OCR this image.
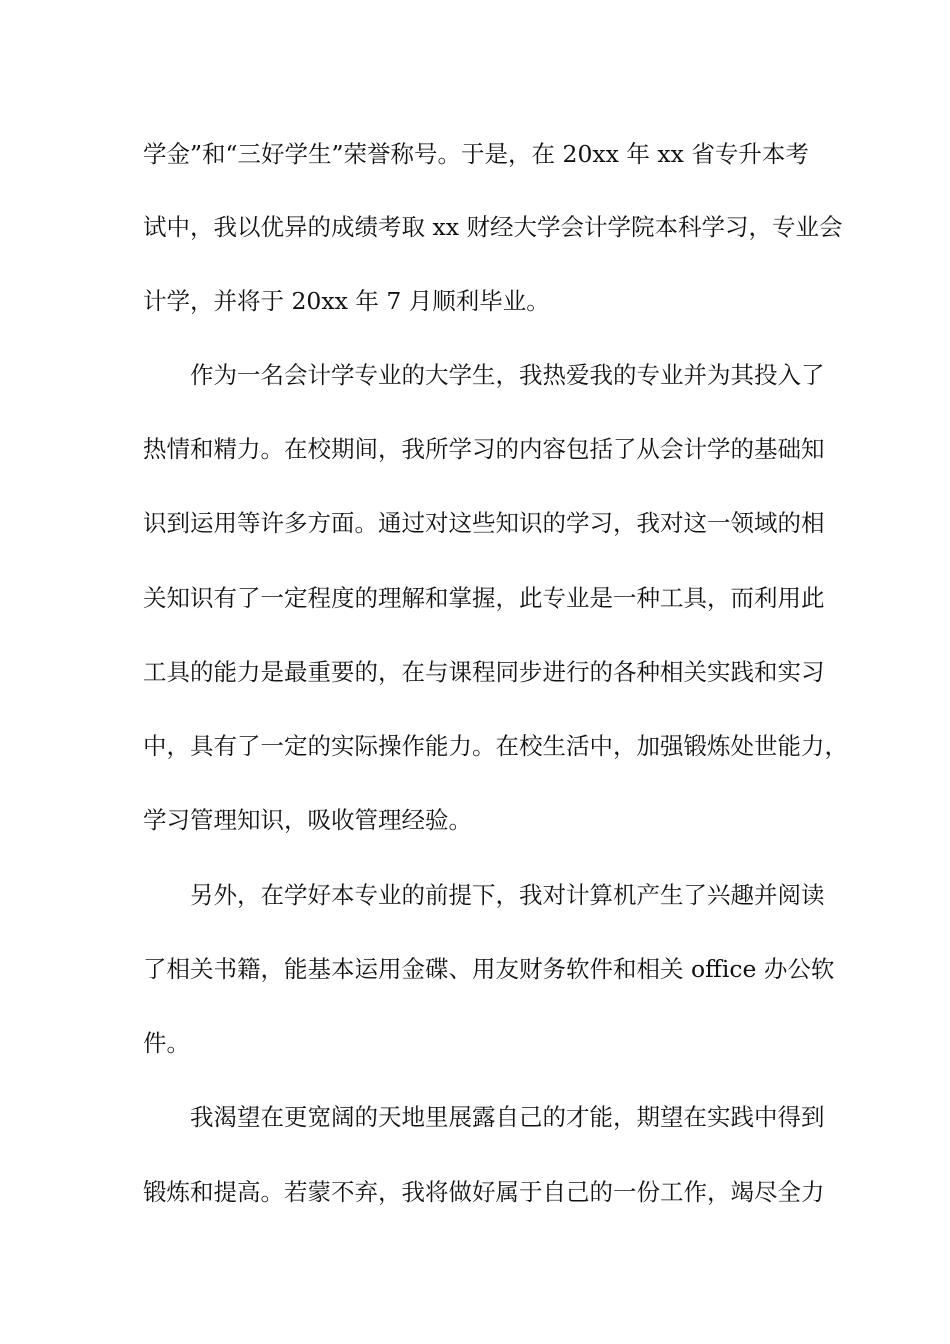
学金”和“三好学生”荣誉称号。于是，在 20xx 年 xx 省专升本考
试中，我以优异的成绩考取 xx 财经大学会计学院本科学习，专业会
计学，并将于 20xx 年 7 月顺利毕业。
作为一名会计学专业的大学生，我热爱我的专业并为其投入了
热情和精力。在校期间，我所学习的内容包括了从会计学的基础知
识到运用等许多方面。通过对这些知识的学习，我对这一领域的相
关知识有了一定程度的理解和掌握，此专业是一种工具，而利用此
工具的能力是最重要的，在与课程同步进行的各种相关实践和实习
中，具有了一定的实际操作能力。在校生活中，加强锻炼处世能力，
学习管理知识，吸收管理经验。
另外，在学好本专业的前提下，我对计算机产生了兴趣并阅读
了相关书籍，能基本运用金碟、用友财务软件和相关 office 办公软
件。
我渴望在更宽阔的天地里展露自己的才能，期望在实践中得到
锻炼和提高。若蒙不弃，我将做好属于自己的一份工作，竭尽全力
